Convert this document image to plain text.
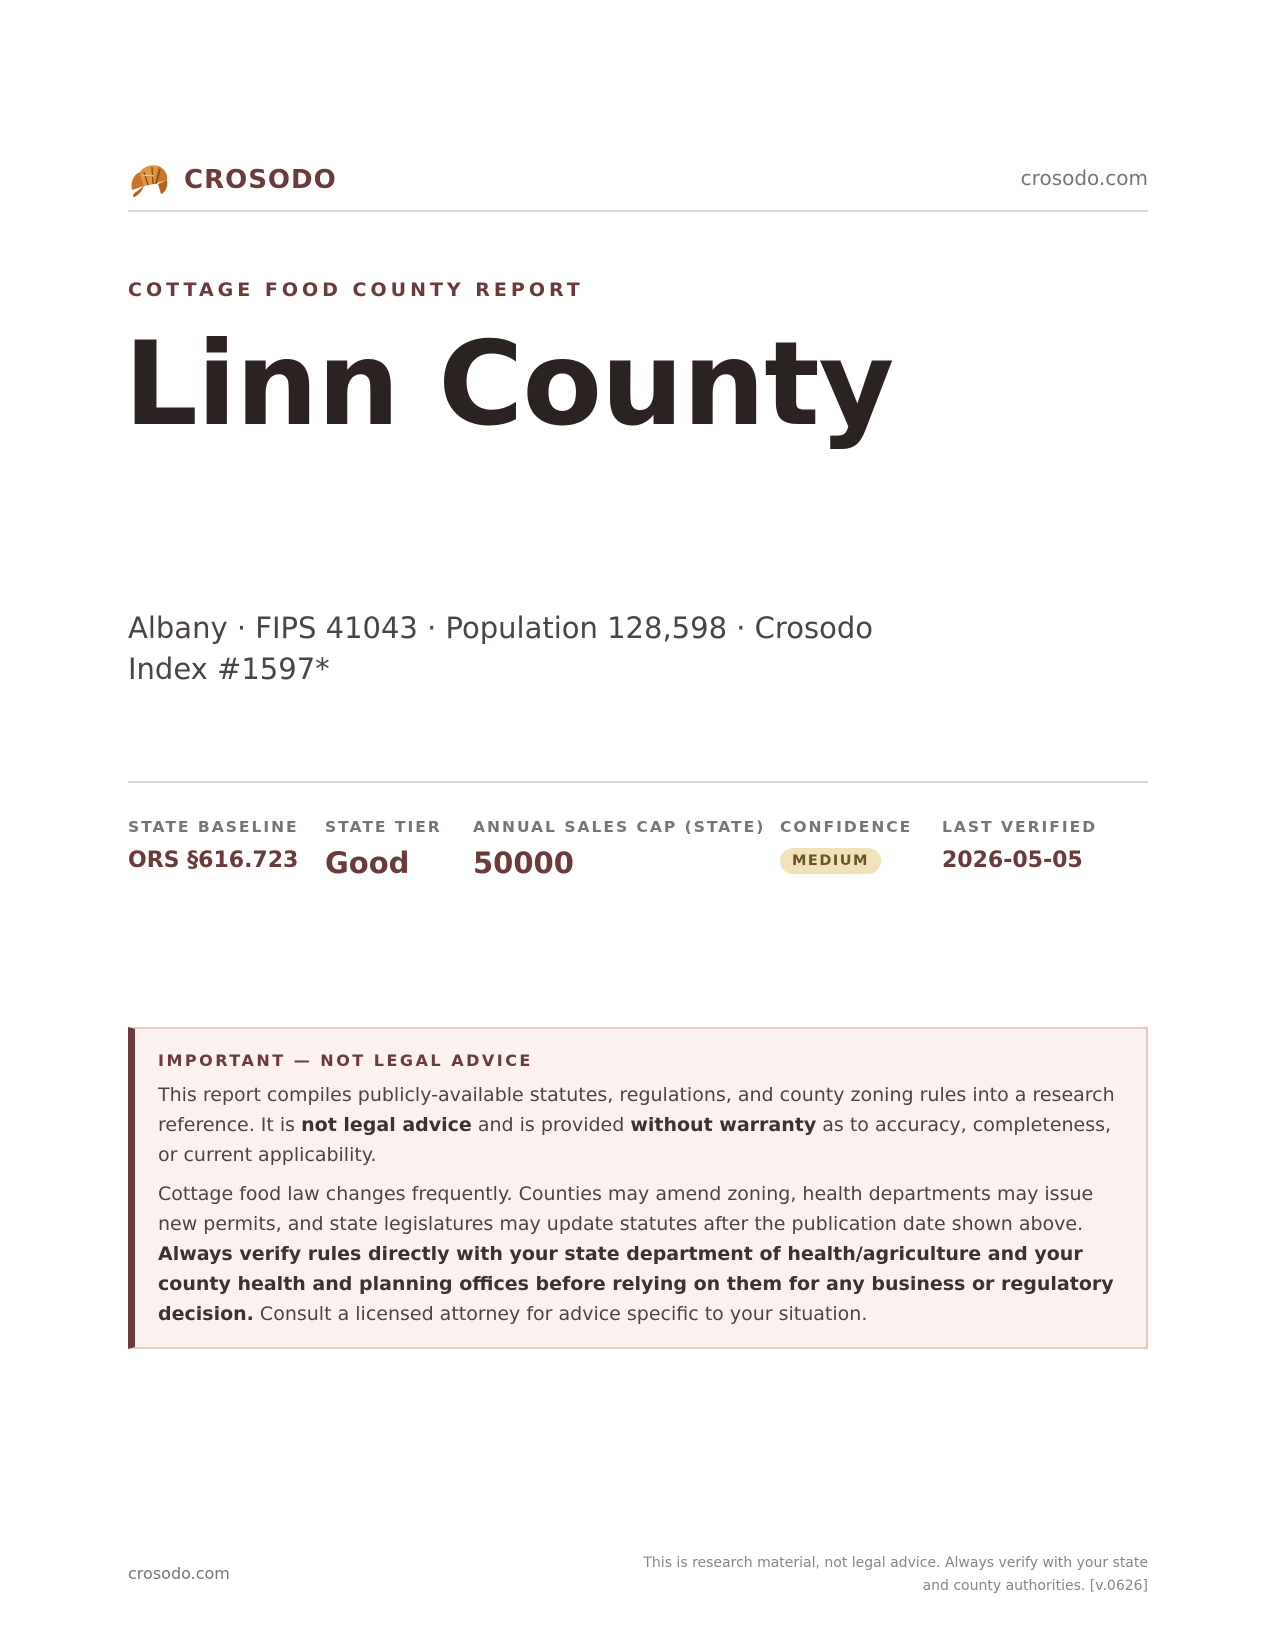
CROSODO	crosodo.com
COTTAGE FOOD COUNTY REPORT
Linn County
Albany · FIPS 41043 · Population 128,598 · Crosodo Index #1597*
STATE BASELINE
ORS §616.723
STATE TIER
Good
ANNUAL SALES CAP (STATE)
50000
CONFIDENCE
MEDIUM
LAST VERIFIED
2026-05-05
IMPORTANT — NOT LEGAL ADVICE

This report compiles publicly-available statutes, regulations, and county zoning rules into a research reference. It is not legal advice and is provided without warranty as to accuracy, completeness, or current applicability.

Cottage food law changes frequently. Counties may amend zoning, health departments may issue new permits, and state legislatures may update statutes after the publication date shown above. Always verify rules directly with your state department of health/agriculture and your county health and planning offices before relying on them for any business or regulatory decision. Consult a licensed attorney for advice specific to your situation.

crosodo.com
This is research material, not legal advice. Always verify with your state and county authorities. [v.0626]
